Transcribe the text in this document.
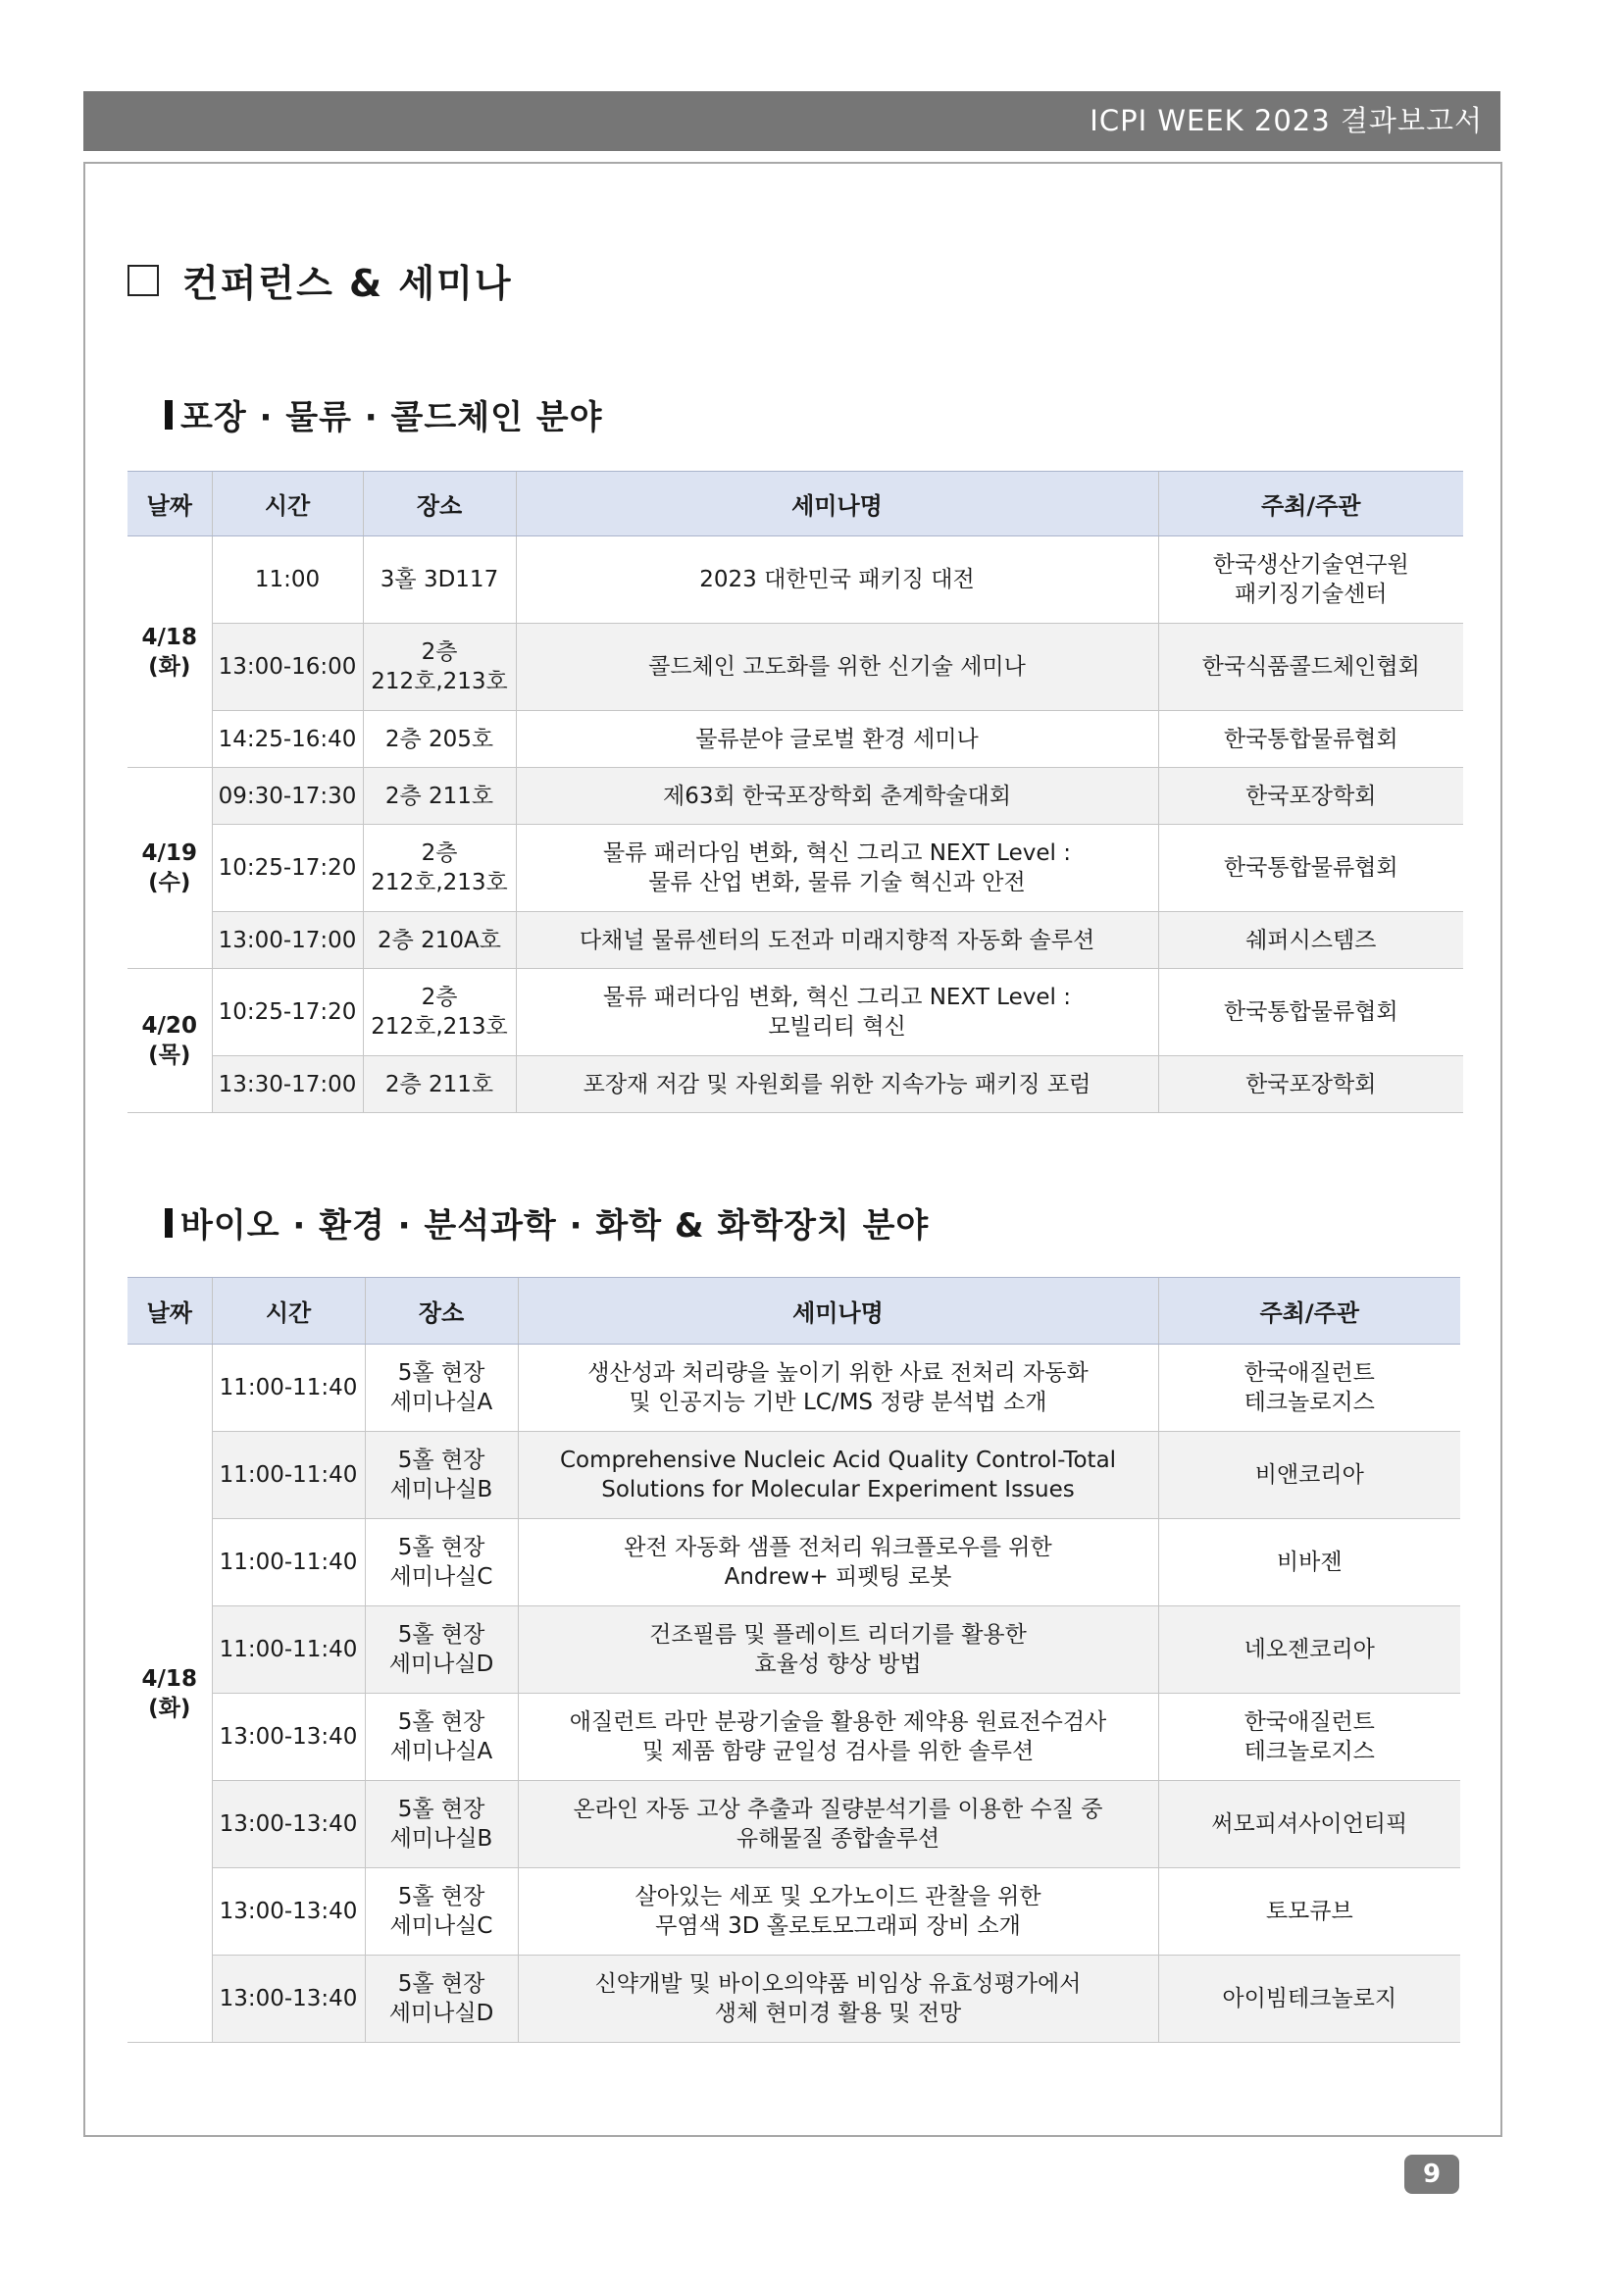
ICPI WEEK 2023 결과보고서
컨퍼런스 & 세미나
포장 · 물류 · 콜드체인 분야
날짜	시간	장소	세미나명	주최/주관

4/18
(화)	11:00	3홀 3D117	2023 대한민국 패키징 대전	한국생산기술연구원
패키징기술센터

	13:00-16:00	2층
212호,213호	콜드체인 고도화를 위한 신기술 세미나	한국식품콜드체인협회

	14:25-16:40	2층 205호	물류분야 글로벌 환경 세미나	한국통합물류협회

4/19
(수)	09:30-17:30	2층 211호	제63회 한국포장학회 춘계학술대회	한국포장학회

	10:25-17:20	2층
212호,213호	물류 패러다임 변화, 혁신 그리고 NEXT Level :
물류 산업 변화, 물류 기술 혁신과 안전	한국통합물류협회

	13:00-17:00	2층 210A호	다채널 물류센터의 도전과 미래지향적 자동화 솔루션	쉐퍼시스템즈

4/20
(목)	10:25-17:20	2층
212호,213호	물류 패러다임 변화, 혁신 그리고 NEXT Level :
모빌리티 혁신	한국통합물류협회

	13:30-17:00	2층 211호	포장재 저감 및 자원회를 위한 지속가능 패키징 포럼	한국포장학회
바이오 · 환경 · 분석과학 · 화학 & 화학장치 분야
날짜	시간	장소	세미나명	주최/주관

4/18
(화)	11:00-11:40	5홀 현장
세미나실A	생산성과 처리량을 높이기 위한 사료 전처리 자동화
및 인공지능 기반 LC/MS 정량 분석법 소개	한국애질런트
테크놀로지스

	11:00-11:40	5홀 현장
세미나실B	Comprehensive Nucleic Acid Quality Control-Total
Solutions for Molecular Experiment Issues	비앤코리아

	11:00-11:40	5홀 현장
세미나실C	완전 자동화 샘플 전처리 워크플로우를 위한
Andrew+ 피펫팅 로봇	비바젠

	11:00-11:40	5홀 현장
세미나실D	건조필름 및 플레이트 리더기를 활용한
효율성 향상 방법	네오젠코리아

	13:00-13:40	5홀 현장
세미나실A	애질런트 라만 분광기술을 활용한 제약용 원료전수검사
및 제품 함량 균일성 검사를 위한 솔루션	한국애질런트
테크놀로지스

	13:00-13:40	5홀 현장
세미나실B	온라인 자동 고상 추출과 질량분석기를 이용한 수질 중
유해물질 종합솔루션	써모피셔사이언티픽

	13:00-13:40	5홀 현장
세미나실C	살아있는 세포 및 오가노이드 관찰을 위한
무염색 3D 홀로토모그래피 장비 소개	토모큐브

	13:00-13:40	5홀 현장
세미나실D	신약개발 및 바이오의약품 비임상 유효성평가에서
생체 현미경 활용 및 전망	아이빔테크놀로지
9
